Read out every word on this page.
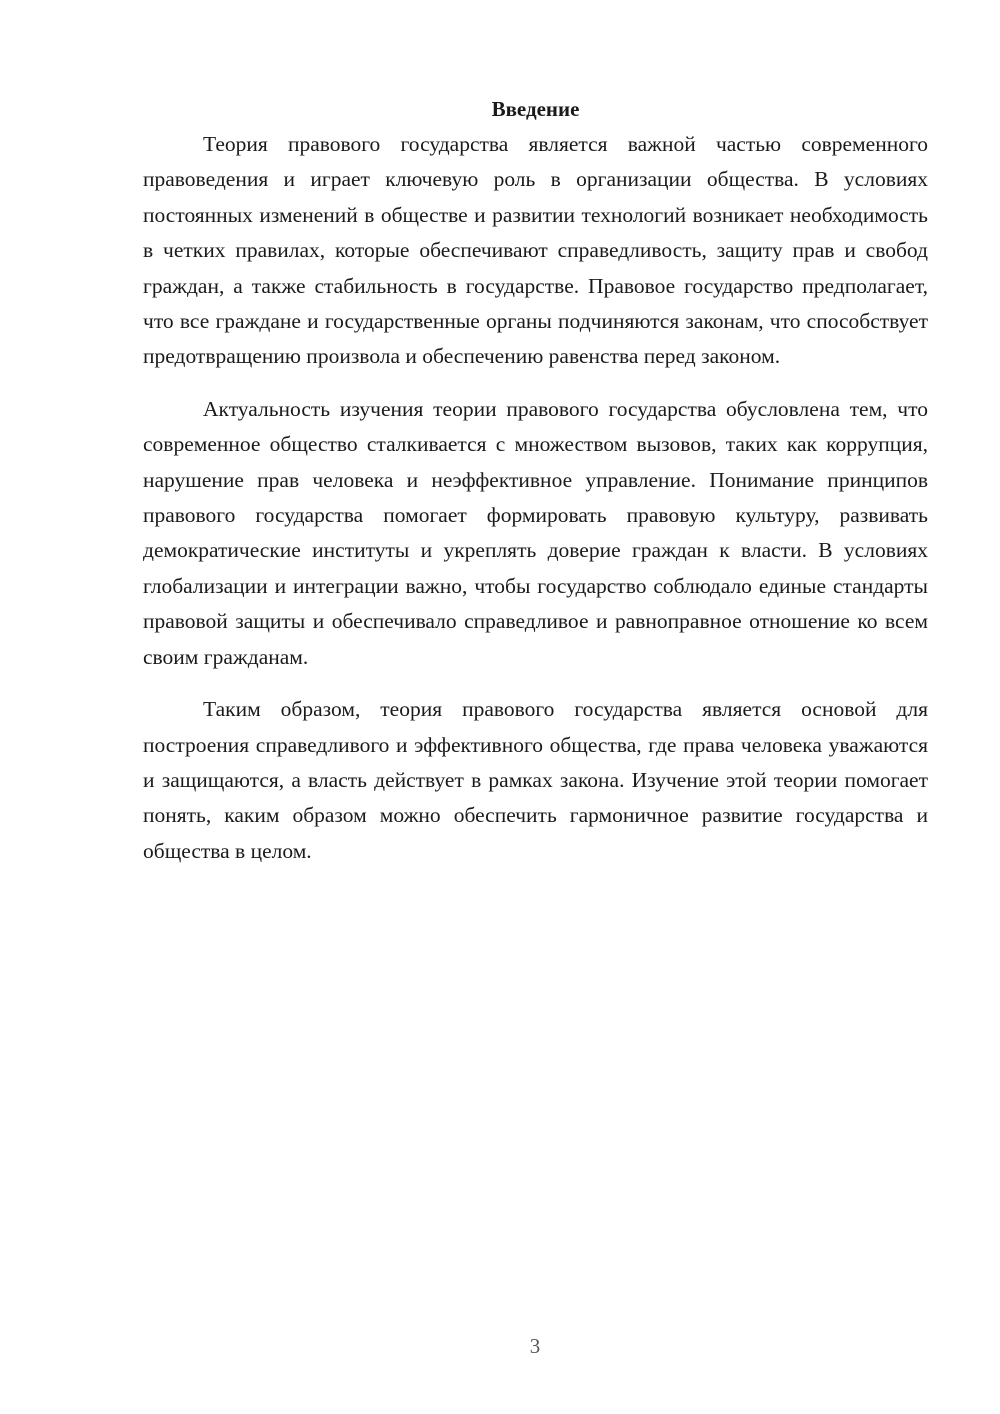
Введение

Теория правового государства является важной частью современного правоведения и играет ключевую роль в организации общества. В условиях постоянных изменений в обществе и развитии технологий возникает необходимость в четких правилах, которые обеспечивают справедливость, защиту прав и свобод граждан, а также стабильность в государстве. Правовое государство предполагает, что все граждане и государственные органы подчиняются законам, что способствует предотвращению произвола и обеспечению равенства перед законом.

Актуальность изучения теории правового государства обусловлена тем, что современное общество сталкивается с множеством вызовов, таких как коррупция, нарушение прав человека и неэффективное управление. Понимание принципов правового государства помогает формировать правовую культуру, развивать демократические институты и укреплять доверие граждан к власти. В условиях глобализации и интеграции важно, чтобы государство соблюдало единые стандарты правовой защиты и обеспечивало справедливое и равноправное отношение ко всем своим гражданам.

Таким образом, теория правового государства является основой для построения справедливого и эффективного общества, где права человека уважаются и защищаются, а власть действует в рамках закона. Изучение этой теории помогает понять, каким образом можно обеспечить гармоничное развитие государства и общества в целом.

3
